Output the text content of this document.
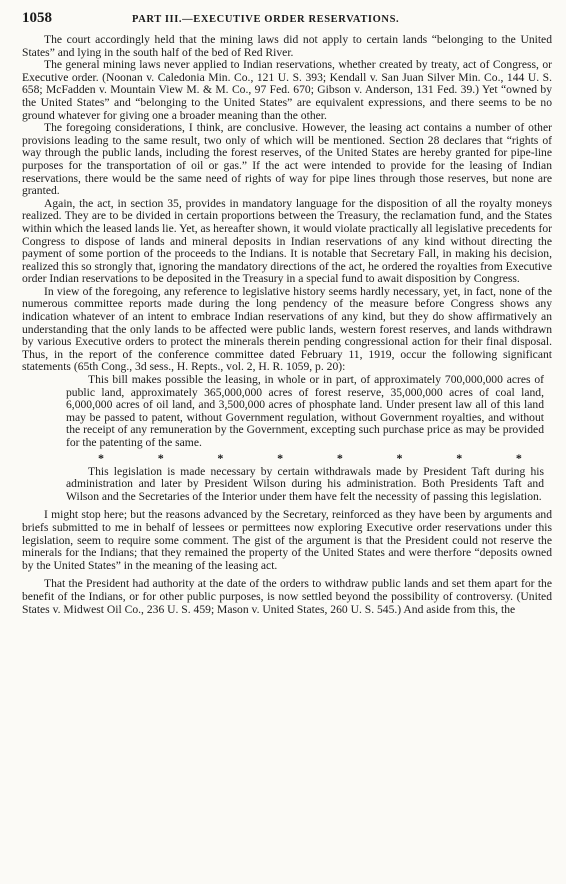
1058	PART III.—EXECUTIVE ORDER RESERVATIONS.

The court accordingly held that the mining laws did not apply to certain lands “belonging to the United States” and lying in the south half of the bed of Red River.

The general mining laws never applied to Indian reservations, whether created by treaty, act of Congress, or Executive order. (Noonan v. Caledonia Min. Co., 121 U. S. 393; Kendall v. San Juan Silver Min. Co., 144 U. S. 658; McFadden v. Mountain View M. & M. Co., 97 Fed. 670; Gibson v. Anderson, 131 Fed. 39.) Yet “owned by the United States” and “belonging to the United States” are equivalent expressions, and there seems to be no ground whatever for giving one a broader meaning than the other.

The foregoing considerations, I think, are conclusive. However, the leasing act contains a number of other provisions leading to the same result, two only of which will be mentioned. Section 28 declares that “rights of way through the public lands, including the forest reserves, of the United States are hereby granted for pipe-line purposes for the transportation of oil or gas.” If the act were intended to provide for the leasing of Indian reservations, there would be the same need of rights of way for pipe lines through those reserves, but none are granted.

Again, the act, in section 35, provides in mandatory language for the disposition of all the royalty moneys realized. They are to be divided in certain proportions between the Treasury, the reclamation fund, and the States within which the leased lands lie. Yet, as hereafter shown, it would violate practically all legislative precedents for Congress to dispose of lands and mineral deposits in Indian reservations of any kind without directing the payment of some portion of the proceeds to the Indians. It is notable that Secretary Fall, in making his decision, realized this so strongly that, ignoring the mandatory directions of the act, he ordered the royalties from Executive order Indian reservations to be deposited in the Treasury in a special fund to await disposition by Congress.

In view of the foregoing, any reference to legislative history seems hardly necessary, yet, in fact, none of the numerous committee reports made during the long pendency of the measure before Congress shows any indication whatever of an intent to embrace Indian reservations of any kind, but they do show affirmatively an understanding that the only lands to be affected were public lands, western forest reserves, and lands withdrawn by various Executive orders to protect the minerals therein pending congressional action for their final disposal. Thus, in the report of the conference committee dated February 11, 1919, occur the following significant statements (65th Cong., 3d sess., H. Repts., vol. 2, H. R. 1059, p. 20):

This bill makes possible the leasing, in whole or in part, of approximately 700,000,000 acres of public land, approximately 365,000,000 acres of forest reserve, 35,000,000 acres of coal land, 6,000,000 acres of oil land, and 3,500,000 acres of phosphate land. Under present law all of this land may be passed to patent, without Government regulation, without Government royalties, and without the receipt of any remuneration by the Government, excepting such purchase price as may be provided for the patenting of the same.

*	*	*	*	*	*	*	*

This legislation is made necessary by certain withdrawals made by President Taft during his administration and later by President Wilson during his administration. Both Presidents Taft and Wilson and the Secretaries of the Interior under them have felt the necessity of passing this legislation.

I might stop here; but the reasons advanced by the Secretary, reinforced as they have been by arguments and briefs submitted to me in behalf of lessees or permittees now exploring Executive order reservations under this legislation, seem to require some comment. The gist of the argument is that the President could not reserve the minerals for the Indians; that they remained the property of the United States and were therfore “deposits owned by the United States” in the meaning of the leasing act.

That the President had authority at the date of the orders to withdraw public lands and set them apart for the benefit of the Indians, or for other public purposes, is now settled beyond the possibility of controversy. (United States v. Midwest Oil Co., 236 U. S. 459; Mason v. United States, 260 U. S. 545.) And aside from this, the
